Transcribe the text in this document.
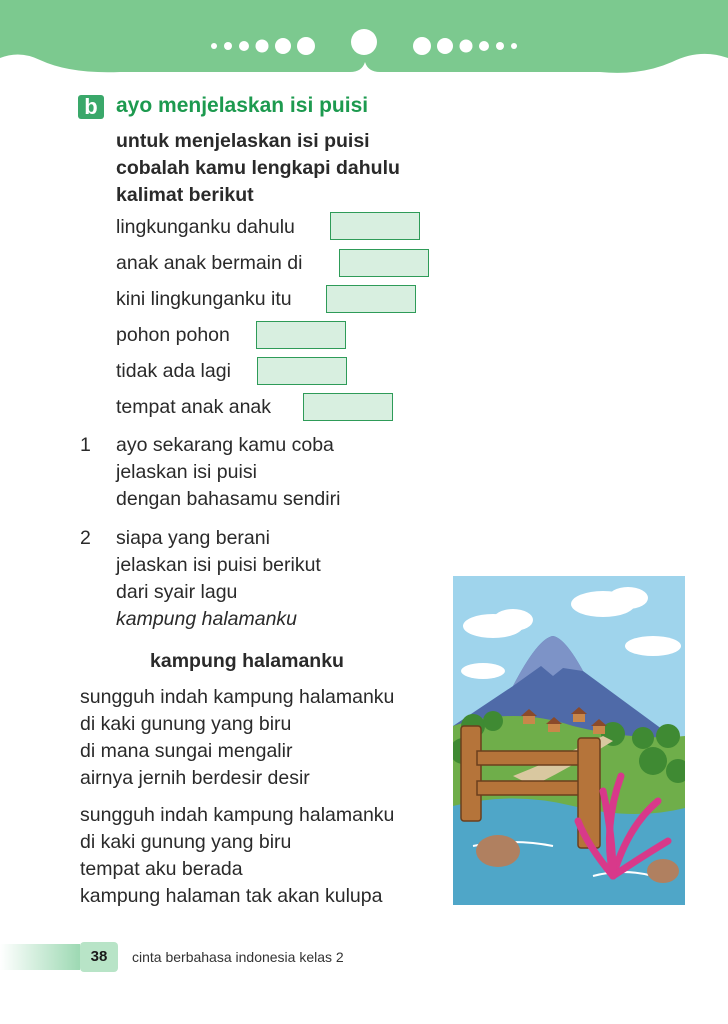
b ayo menjelaskan isi puisi
untuk menjelaskan isi puisi
cobalah kamu lengkapi dahulu
kalimat berikut
lingkunganku dahulu
anak anak bermain di
kini lingkunganku itu
pohon pohon
tidak ada lagi
tempat anak anak
1 ayo sekarang kamu coba
jelaskan isi puisi
dengan bahasamu sendiri
2 siapa yang berani
jelaskan isi puisi berikut
dari syair lagu
kampung halamanku
kampung halamanku
sungguh indah kampung halamanku
di kaki gunung yang biru
di mana sungai mengalir
airnya jernih berdesir desir
sungguh indah kampung halamanku
di kaki gunung yang biru
tempat aku berada
kampung halaman tak akan kulupa
38	cinta berbahasa indonesia kelas 2
